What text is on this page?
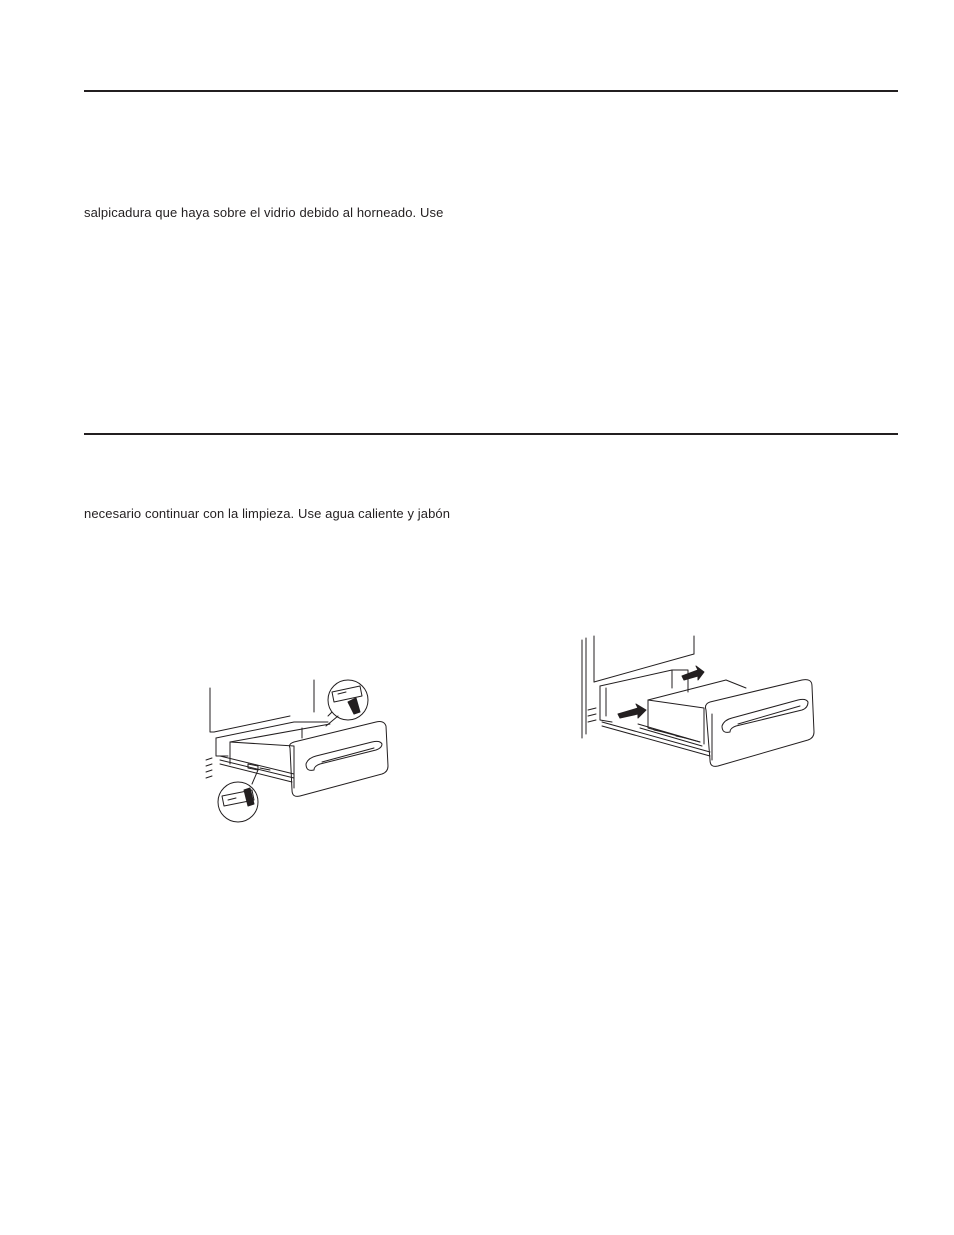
salpicadura que haya sobre el vidrio debido al horneado. Use
necesario continuar con la limpieza. Use agua caliente y jabón
